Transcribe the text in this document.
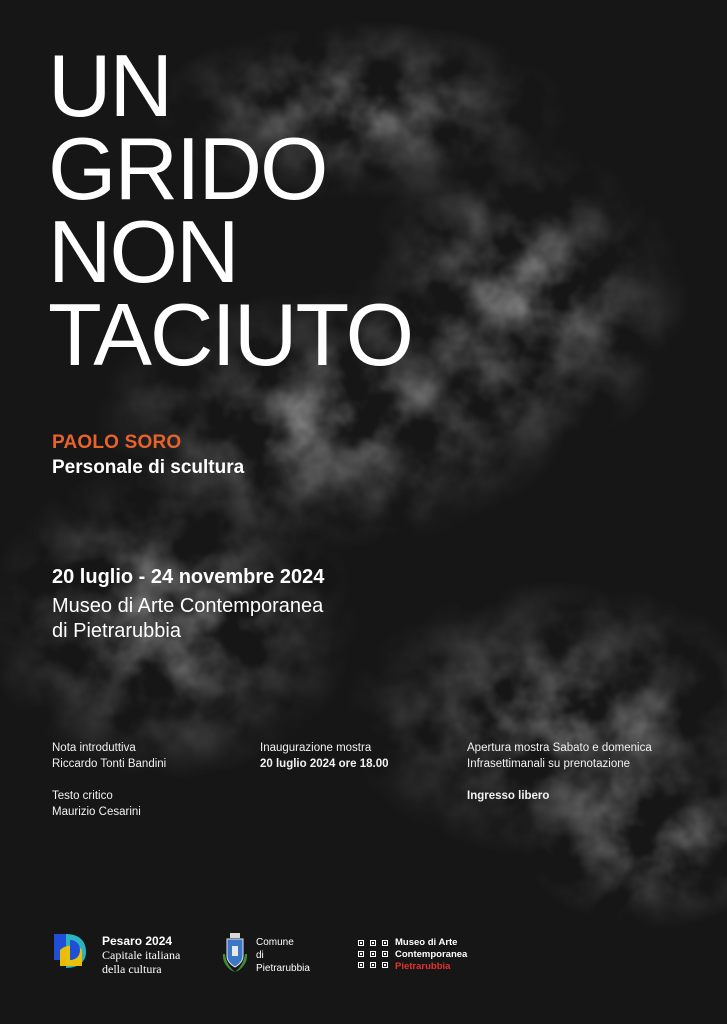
UN
GRIDO
NON
TACIUTO
PAOLO SORO
Personale di scultura
20 luglio - 24 novembre 2024
Museo di Arte Contemporanea
di Pietrarubbia
Nota introduttiva
Riccardo Tonti Bandini
Testo critico
Maurizio Cesarini
Inaugurazione mostra
20 luglio 2024 ore 18.00
Apertura mostra Sabato e domenica
Infrasettimanali su prenotazione
Ingresso libero
Pesaro 2024
Capitale italiana
della cultura
Comune
di
Pietrarubbia
Museo di Arte
Contemporanea
Pietrarubbia
